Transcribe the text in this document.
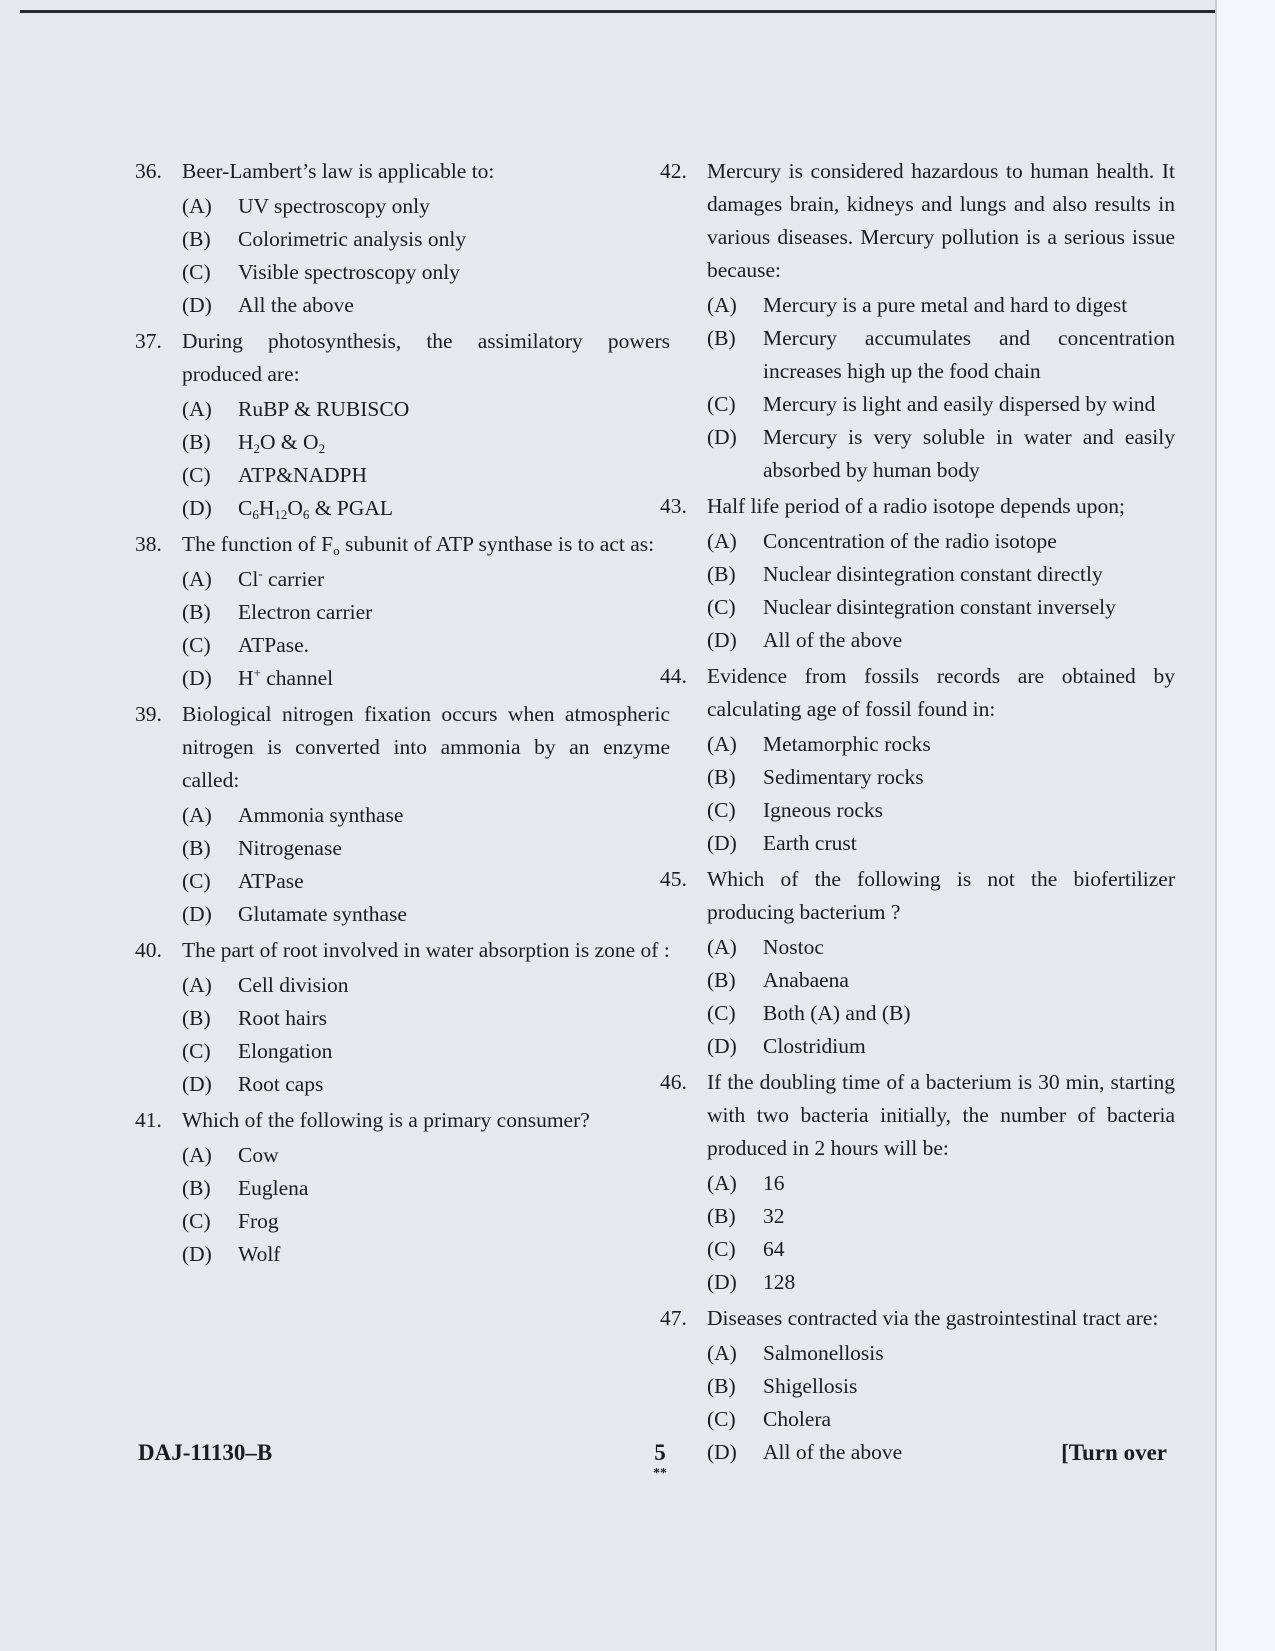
36. Beer-Lambert’s law is applicable to:
(A)	UV spectroscopy only
(B)	Colorimetric analysis only
(C)	Visible spectroscopy only
(D)	All the above
37. During photosynthesis, the assimilatory powers produced are:
(A)	RuBP & RUBISCO
(B)	$H_2O$ & $O_2$
(C)	ATP&NADPH
(D)	$C_6H_{12}O_6$ & PGAL
38. The function of $F_o$ subunit of ATP synthase is to act as:
(A)	Cl- carrier
(B)	Electron carrier
(C)	ATPase.
(D)	H+ channel
39. Biological nitrogen fixation occurs when atmospheric nitrogen is converted into ammonia by an enzyme called:
(A)	Ammonia synthase
(B)	Nitrogenase
(C)	ATPase
(D)	Glutamate synthase
40. The part of root involved in water absorption is zone of :
(A)	Cell division
(B)	Root hairs
(C)	Elongation
(D)	Root caps
41. Which of the following is a primary consumer?
(A)	Cow
(B)	Euglena
(C)	Frog
(D)	Wolf
42. Mercury is considered hazardous to human health. It damages brain, kidneys and lungs and also results in various diseases. Mercury pollution is a serious issue because:
(A)	Mercury is a pure metal and hard to digest
(B)	Mercury accumulates and concentration increases high up the food chain
(C)	Mercury is light and easily dispersed by wind
(D)	Mercury is very soluble in water and easily absorbed by human body
43. Half life period of a radio isotope depends upon;
(A)	Concentration of the radio isotope
(B)	Nuclear disintegration constant directly
(C)	Nuclear disintegration constant inversely
(D)	All of the above
44. Evidence from fossils records are obtained by calculating age of fossil found in:
(A)	Metamorphic rocks
(B)	Sedimentary rocks
(C)	Igneous rocks
(D)	Earth crust
45. Which of the following is not the biofertilizer producing bacterium ?
(A)	Nostoc
(B)	Anabaena
(C)	Both (A) and (B)
(D)	Clostridium
46. If the doubling time of a bacterium is 30 min, starting with two bacteria initially, the number of bacteria produced in 2 hours will be:
(A)	16
(B)	32
(C)	64
(D)	128
47. Diseases contracted via the gastrointestinal tract are:
(A)	Salmonellosis
(B)	Shigellosis
(C)	Cholera
(D)	All of the above
DAJ-11130–B	5
**
[Turn over
